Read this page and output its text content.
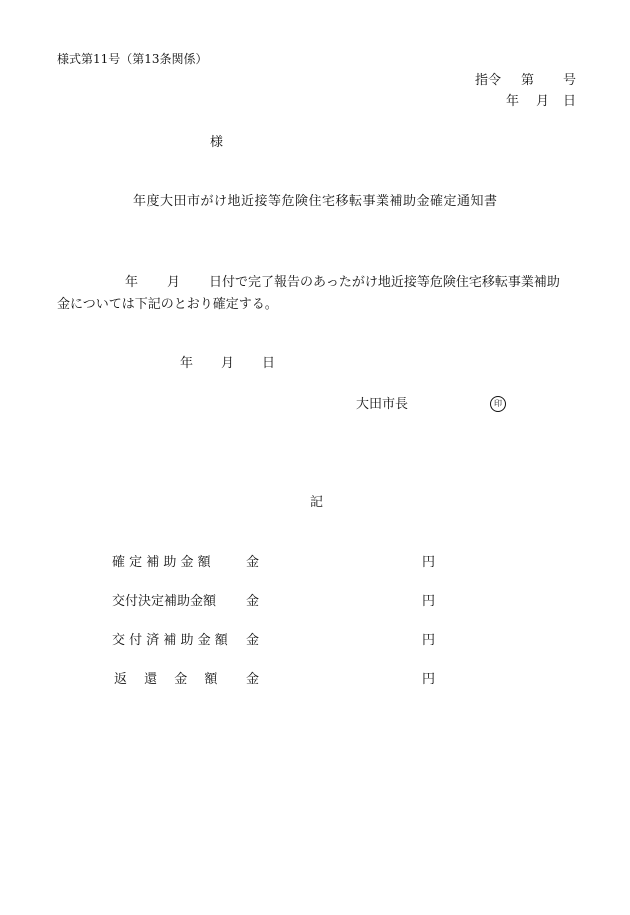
様式第11号（第13条関係）
指令 第 号
年 月 日
様
年度大田市がけ地近接等危険住宅移転事業補助金確定通知書
年 月 日付で完了報告のあったがけ地近接等危険住宅移転事業補助
金については下記のとおり確定する。
年 月 日
大田市長	印
記
確 定 補 助 金 額	金	円
交付決定補助金額 金	円
交 付 済 補 助 金 額 金	円
返　 還　 金　 額 金	円
